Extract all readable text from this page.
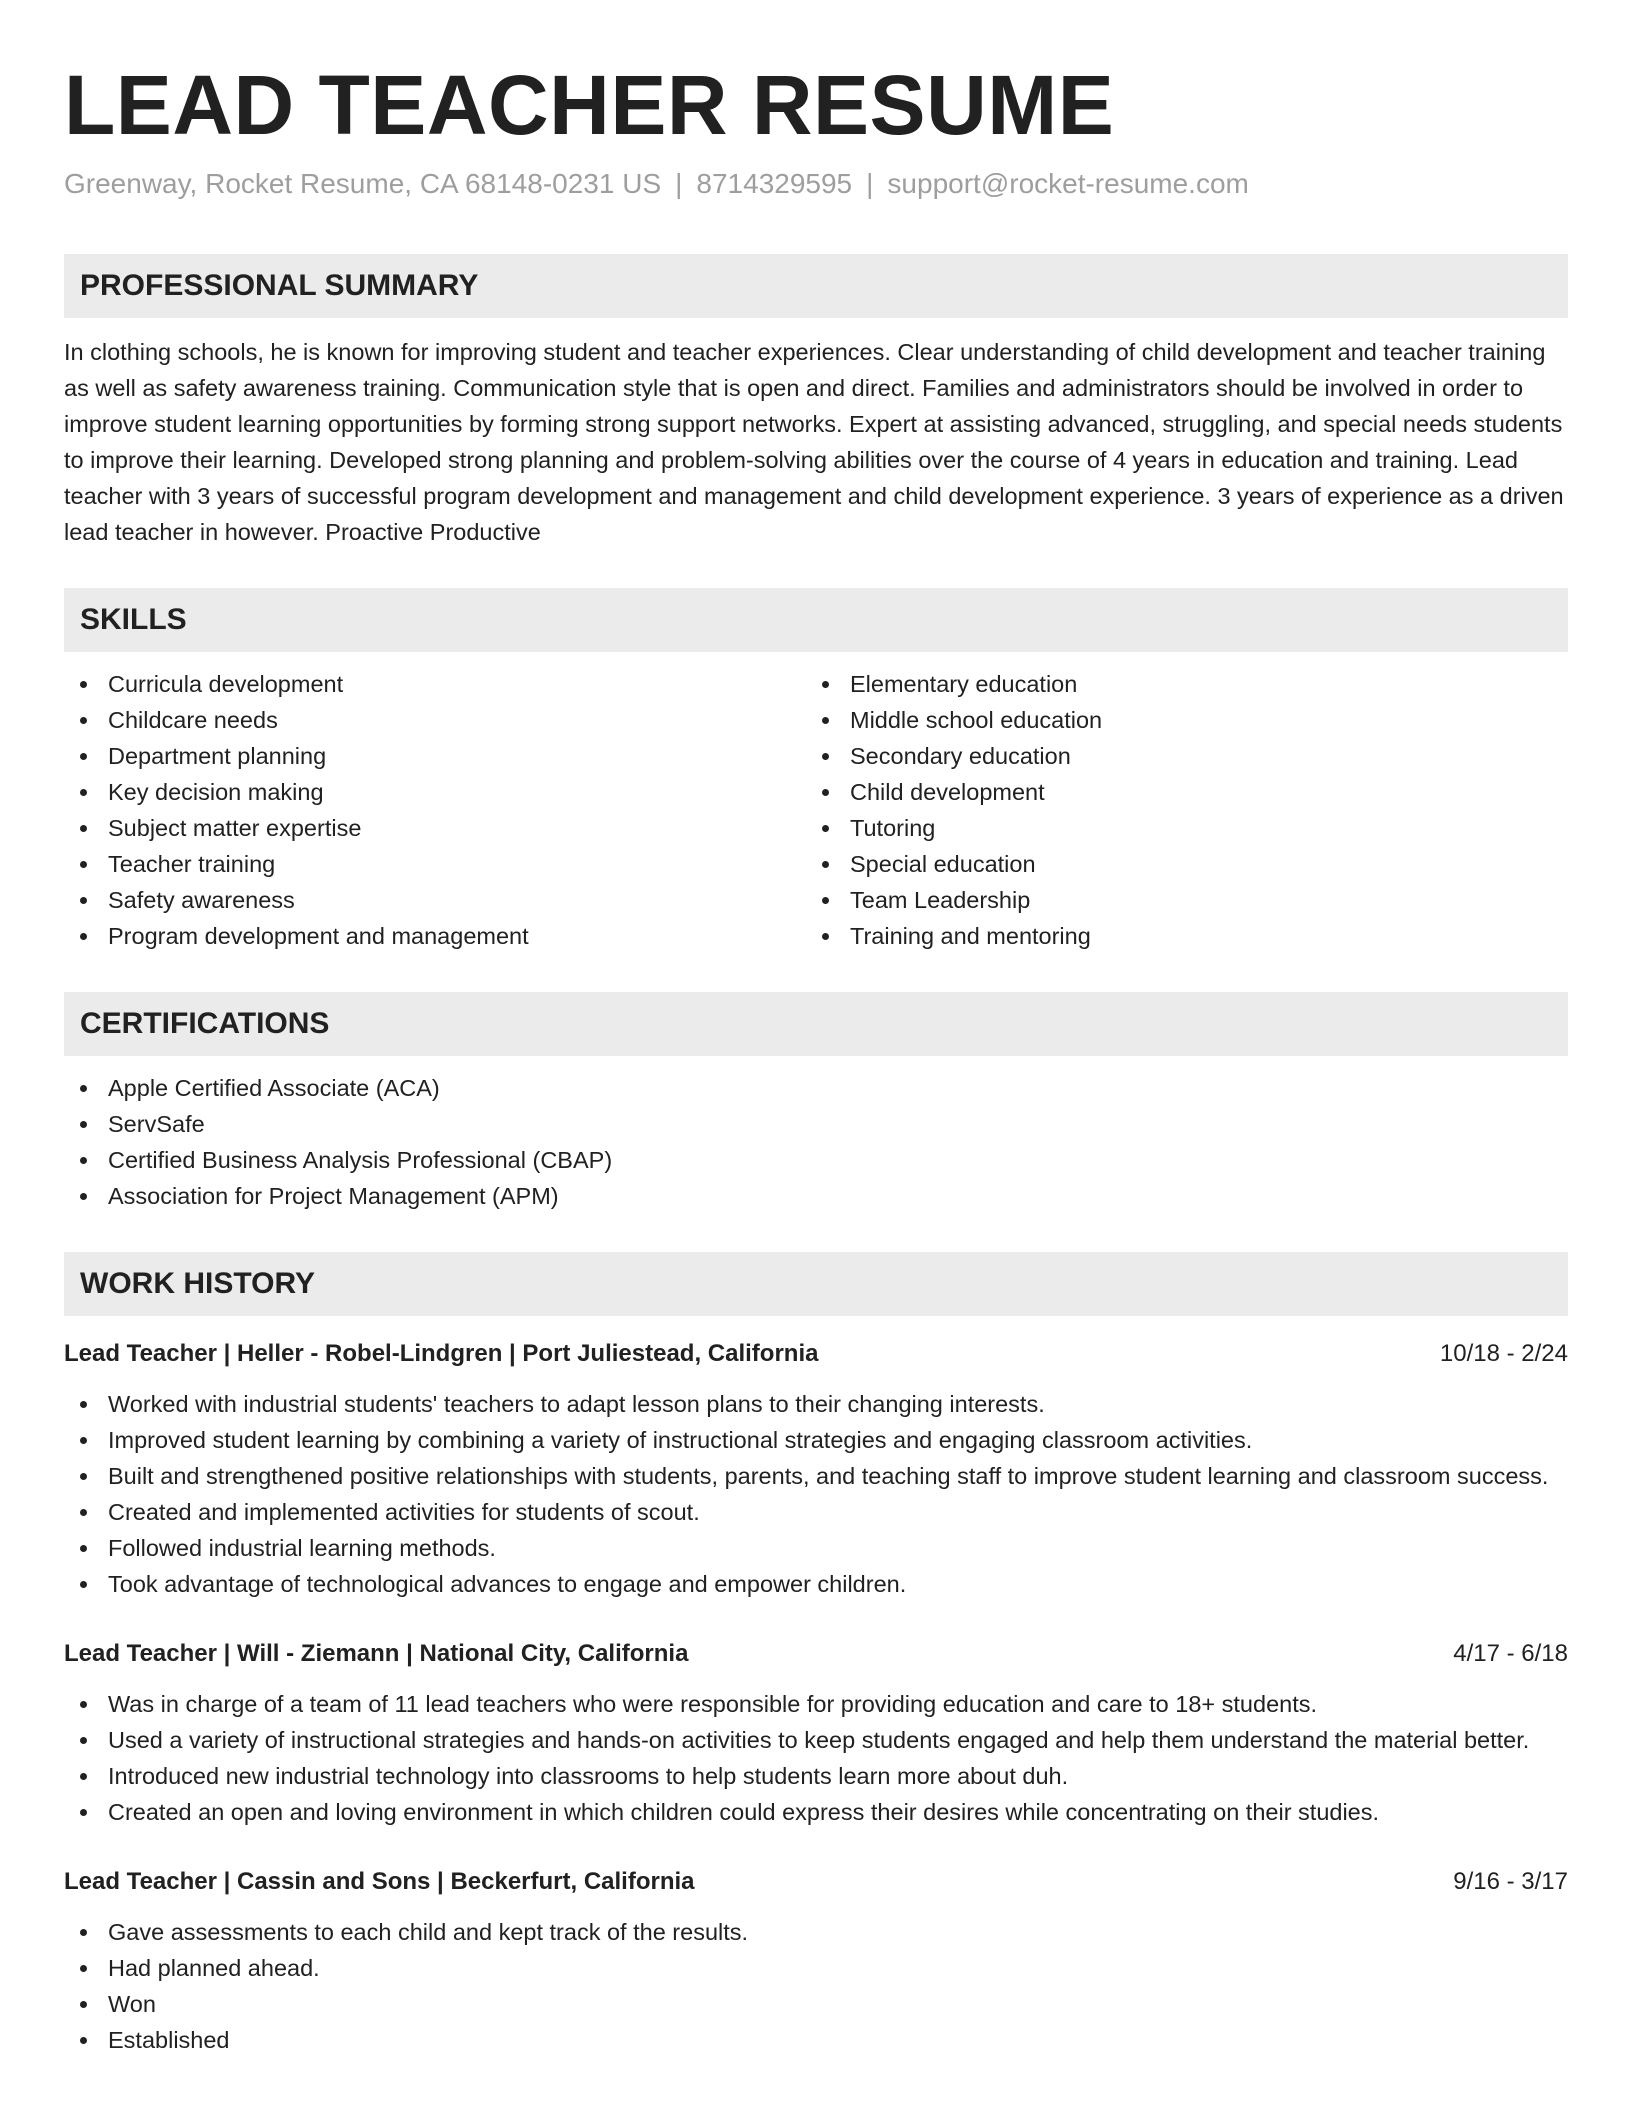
LEAD TEACHER RESUME
Greenway, Rocket Resume, CA 68148-0231 US | 8714329595 | support@rocket-resume.com
PROFESSIONAL SUMMARY
In clothing schools, he is known for improving student and teacher experiences. Clear understanding of child development and teacher training as well as safety awareness training. Communication style that is open and direct. Families and administrators should be involved in order to improve student learning opportunities by forming strong support networks. Expert at assisting advanced, struggling, and special needs students to improve their learning. Developed strong planning and problem-solving abilities over the course of 4 years in education and training. Lead teacher with 3 years of successful program development and management and child development experience. 3 years of experience as a driven lead teacher in however. Proactive Productive
SKILLS
Curricula development
Childcare needs
Department planning
Key decision making
Subject matter expertise
Teacher training
Safety awareness
Program development and management
Elementary education
Middle school education
Secondary education
Child development
Tutoring
Special education
Team Leadership
Training and mentoring
CERTIFICATIONS
Apple Certified Associate (ACA)
ServSafe
Certified Business Analysis Professional (CBAP)
Association for Project Management (APM)
WORK HISTORY
Lead Teacher | Heller - Robel-Lindgren | Port Juliestead, California	10/18 - 2/24
Worked with industrial students' teachers to adapt lesson plans to their changing interests.
Improved student learning by combining a variety of instructional strategies and engaging classroom activities.
Built and strengthened positive relationships with students, parents, and teaching staff to improve student learning and classroom success.
Created and implemented activities for students of scout.
Followed industrial learning methods.
Took advantage of technological advances to engage and empower children.
Lead Teacher | Will - Ziemann | National City, California	4/17 - 6/18
Was in charge of a team of 11 lead teachers who were responsible for providing education and care to 18+ students.
Used a variety of instructional strategies and hands-on activities to keep students engaged and help them understand the material better.
Introduced new industrial technology into classrooms to help students learn more about duh.
Created an open and loving environment in which children could express their desires while concentrating on their studies.
Lead Teacher | Cassin and Sons | Beckerfurt, California	9/16 - 3/17
Gave assessments to each child and kept track of the results.
Had planned ahead.
Won
Established
